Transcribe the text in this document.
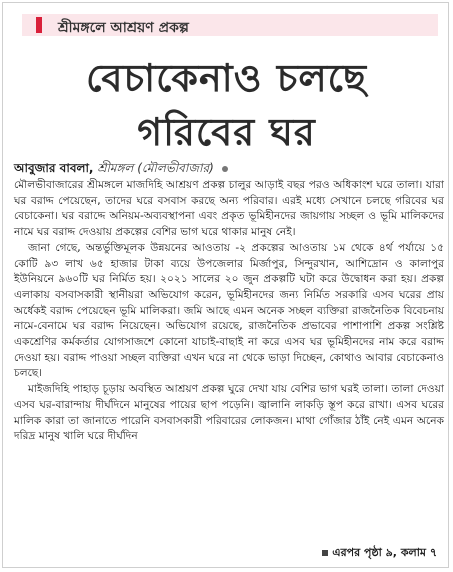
শ্রীমঙ্গলে আশ্রয়ণ প্রকল্প
বেচাকেনাও চলছে
গরিবের ঘর
আবুজার বাবলা, শ্রীমঙ্গল (মৌলভীবাজার)

মৌলভীবাজারের শ্রীমঙ্গলে মাজদিহি আশ্রয়ণ প্রকল্প চালুর আড়াই বছর পরও অধিকাংশ ঘরে তালা। যারা ঘর বরাদ্দ পেয়েছেন, তাদের ঘরে বসবাস করছে অন্য পরিবার। এরই মধ্যে সেখানে চলছে গরিবের ঘর বেচাকেনা। ঘর বরাদ্দে অনিয়ম-অব্যবস্থাপনা এবং প্রকৃত ভূমিহীনদের জায়গায় সচ্ছল ও ভূমি মালিকদের নামে ঘর বরাদ্দ দেওয়ায় প্রকল্পের বেশির ভাগ ঘরে থাকার মানুষ নেই।

জানা গেছে, অন্তর্ভুক্তিমূলক উন্নয়নের আওতায় -২ প্রকল্পের আওতায় ১ম থেকে ৪র্থ পর্যায়ে ১৫ কোটি ৯৩ লাখ ৬৫ হাজার টাকা ব্যয়ে উপজেলার মির্জাপুর, সিন্দুরখান, আশিদ্রোন ও কালাপুর ইউনিয়নে ৯৬০টি ঘর নির্মিত হয়। ২০২১ সালের ২০ জুন প্রকল্পটি ঘটা করে উদ্বোধন করা হয়। প্রকল্প এলাকায় বসবাসকারী স্থানীয়রা অভিযোগ করেন, ভূমিহীনদের জন্য নির্মিত সরকারি এসব ঘরের প্রায় অর্ধেকই বরাদ্দ পেয়েছেন ভূমি মালিকরা। জমি আছে এমন অনেক সচ্ছল ব্যক্তিরা রাজনৈতিক বিবেচনায় নামে-বেনামে ঘর বরাদ্দ নিয়েছেন। অভিযোগ রয়েছে, রাজনৈতিক প্রভাবের পাশাপাশি প্রকল্প সংশ্লিষ্ট একশ্রেণির কর্মকর্তার যোগসাজশে কোনো যাচাই-বাছাই না করে এসব ঘর ভূমিহীনদের নাম করে বরাদ্দ দেওয়া হয়। বরাদ্দ পাওয়া সচ্ছল ব্যক্তিরা এখন ঘরে না থেকে ভাড়া দিচ্ছেন, কোথাও আবার বেচাকেনাও চলছে।

মাইজদিহি পাহাড় চূড়ায় অবস্থিত আশ্রয়ণ প্রকল্প ঘুরে দেখা যায় বেশির ভাগ ঘরই তালা। তালা দেওয়া এসব ঘর-বারান্দায় দীর্ঘদিনে মানুষের পায়ের ছাপ পড়েনি। জ্বালানি লাকড়ি স্তূপ করে রাখা। এসব ঘরের মালিক কারা তা জানাতে পারেনি বসবাসকারী পরিবারের লোকজন। মাথা গোঁজার ঠাঁই নেই এমন অনেক দরিদ্র মানুষ খালি ঘরে দীর্ঘদিন

এরপর পৃষ্ঠা ৯, কলাম ৭
